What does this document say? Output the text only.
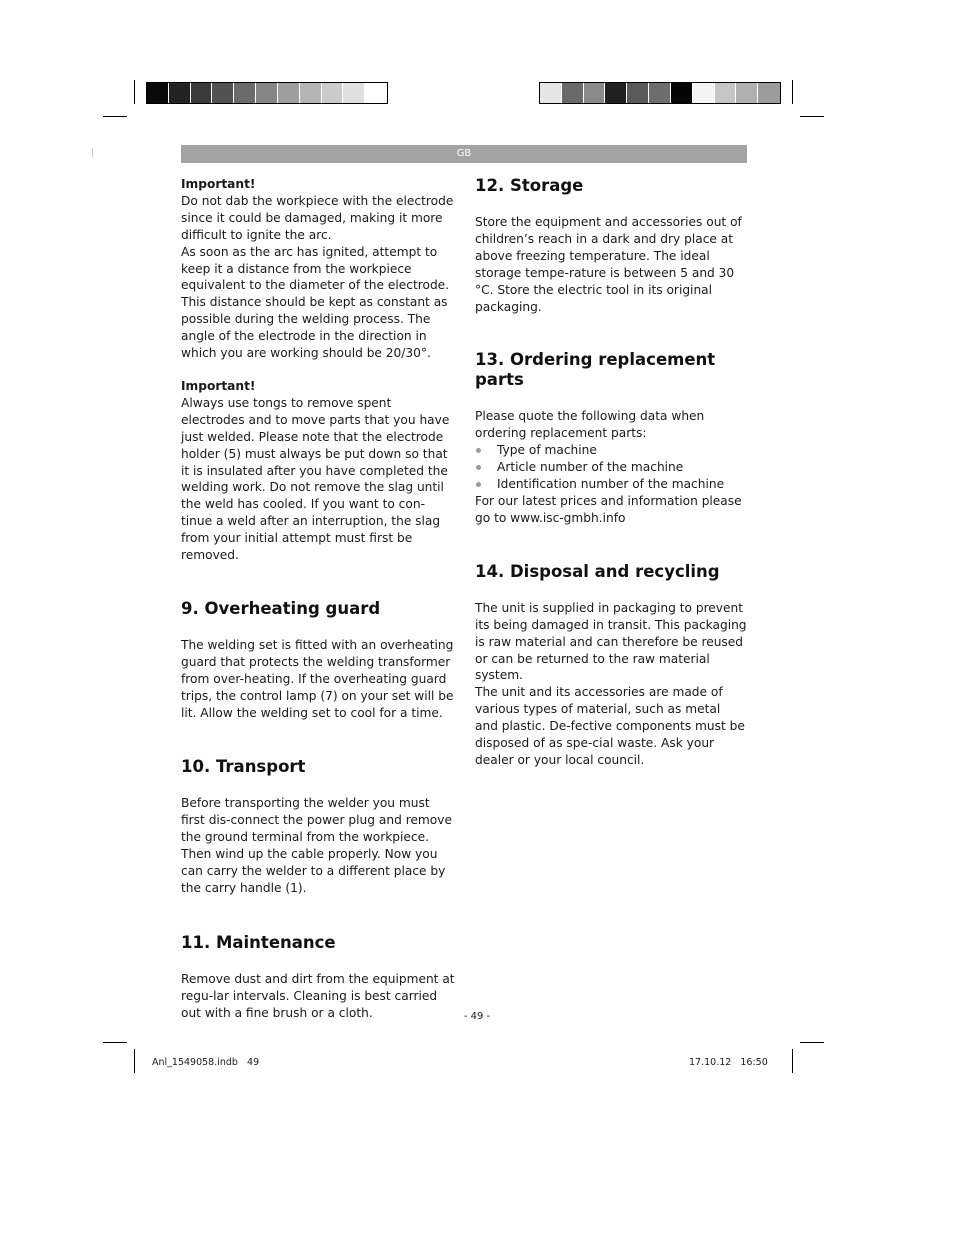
GB

Important!

Do not dab the workpiece with the electrode since it could be damaged, making it more difficult to ignite the arc.

As soon as the arc has ignited, attempt to keep it a distance from the workpiece equivalent to the diameter of the electrode. This distance should be kept as constant as possible during the welding process. The angle of the electrode in the direction in which you are working should be 20/30°.

Important!

Always use tongs to remove spent electrodes and to move parts that you have just welded. Please note that the electrode holder (5) must always be put down so that it is insulated after you have completed the welding work. Do not remove the slag until the weld has cooled. If you want to con-tinue a weld after an interruption, the slag from your initial attempt must first be removed.

9. Overheating guard

The welding set is fitted with an overheating guard that protects the welding transformer from over-heating. If the overheating guard trips, the control lamp (7) on your set will be lit. Allow the welding set to cool for a time.

10. Transport

Before transporting the welder you must first dis-connect the power plug and remove the ground terminal from the workpiece. Then wind up the cable properly. Now you can carry the welder to a different place by the carry handle (1).

11. Maintenance

Remove dust and dirt from the equipment at regu-lar intervals. Cleaning is best carried out with a fine brush or a cloth.

12. Storage

Store the equipment and accessories out of children’s reach in a dark and dry place at above freezing temperature. The ideal storage tempe-rature is between 5 and 30 °C. Store the electric tool in its original packaging.

13. Ordering replacement parts

Please quote the following data when ordering replacement parts:

Type of machine
Article number of the machine
Identification number of the machine

For our latest prices and information please go to www.isc-gmbh.info

14. Disposal and recycling

The unit is supplied in packaging to prevent its being damaged in transit. This packaging is raw material and can therefore be reused or can be returned to the raw material system.

The unit and its accessories are made of various types of material, such as metal and plastic. De-fective components must be disposed of as spe-cial waste. Ask your dealer or your local council.

- 49 -
Anl_1549058.indb   49	17.10.12   16:50
